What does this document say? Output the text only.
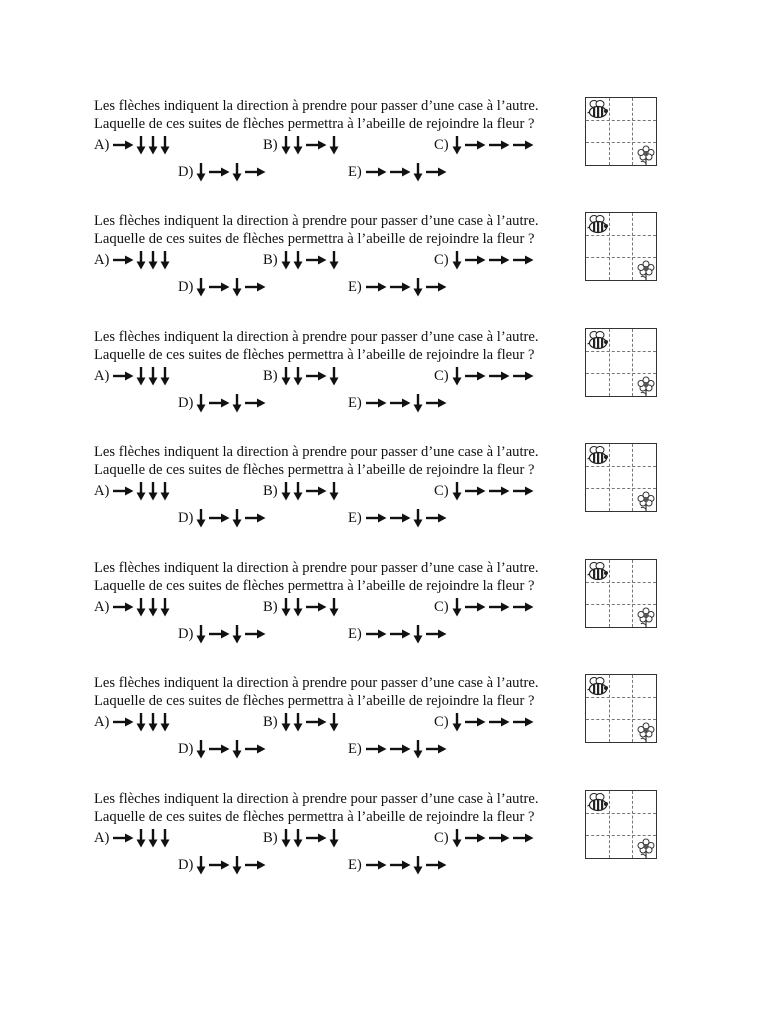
Les flèches indiquent la direction à prendre pour passer d’une case à l’autre.
Laquelle de ces suites de flèches permettra à l’abeille de rejoindre la fleur ?
A)	B)	C)
D)	E)
Les flèches indiquent la direction à prendre pour passer d’une case à l’autre.
Laquelle de ces suites de flèches permettra à l’abeille de rejoindre la fleur ?
A)	B)	C)
D)	E)
Les flèches indiquent la direction à prendre pour passer d’une case à l’autre.
Laquelle de ces suites de flèches permettra à l’abeille de rejoindre la fleur ?
A)	B)	C)
D)	E)
Les flèches indiquent la direction à prendre pour passer d’une case à l’autre.
Laquelle de ces suites de flèches permettra à l’abeille de rejoindre la fleur ?
A)	B)	C)
D)	E)
Les flèches indiquent la direction à prendre pour passer d’une case à l’autre.
Laquelle de ces suites de flèches permettra à l’abeille de rejoindre la fleur ?
A)	B)	C)
D)	E)
Les flèches indiquent la direction à prendre pour passer d’une case à l’autre.
Laquelle de ces suites de flèches permettra à l’abeille de rejoindre la fleur ?
A)	B)	C)
D)	E)
Les flèches indiquent la direction à prendre pour passer d’une case à l’autre.
Laquelle de ces suites de flèches permettra à l’abeille de rejoindre la fleur ?
A)	B)	C)
D)	E)
